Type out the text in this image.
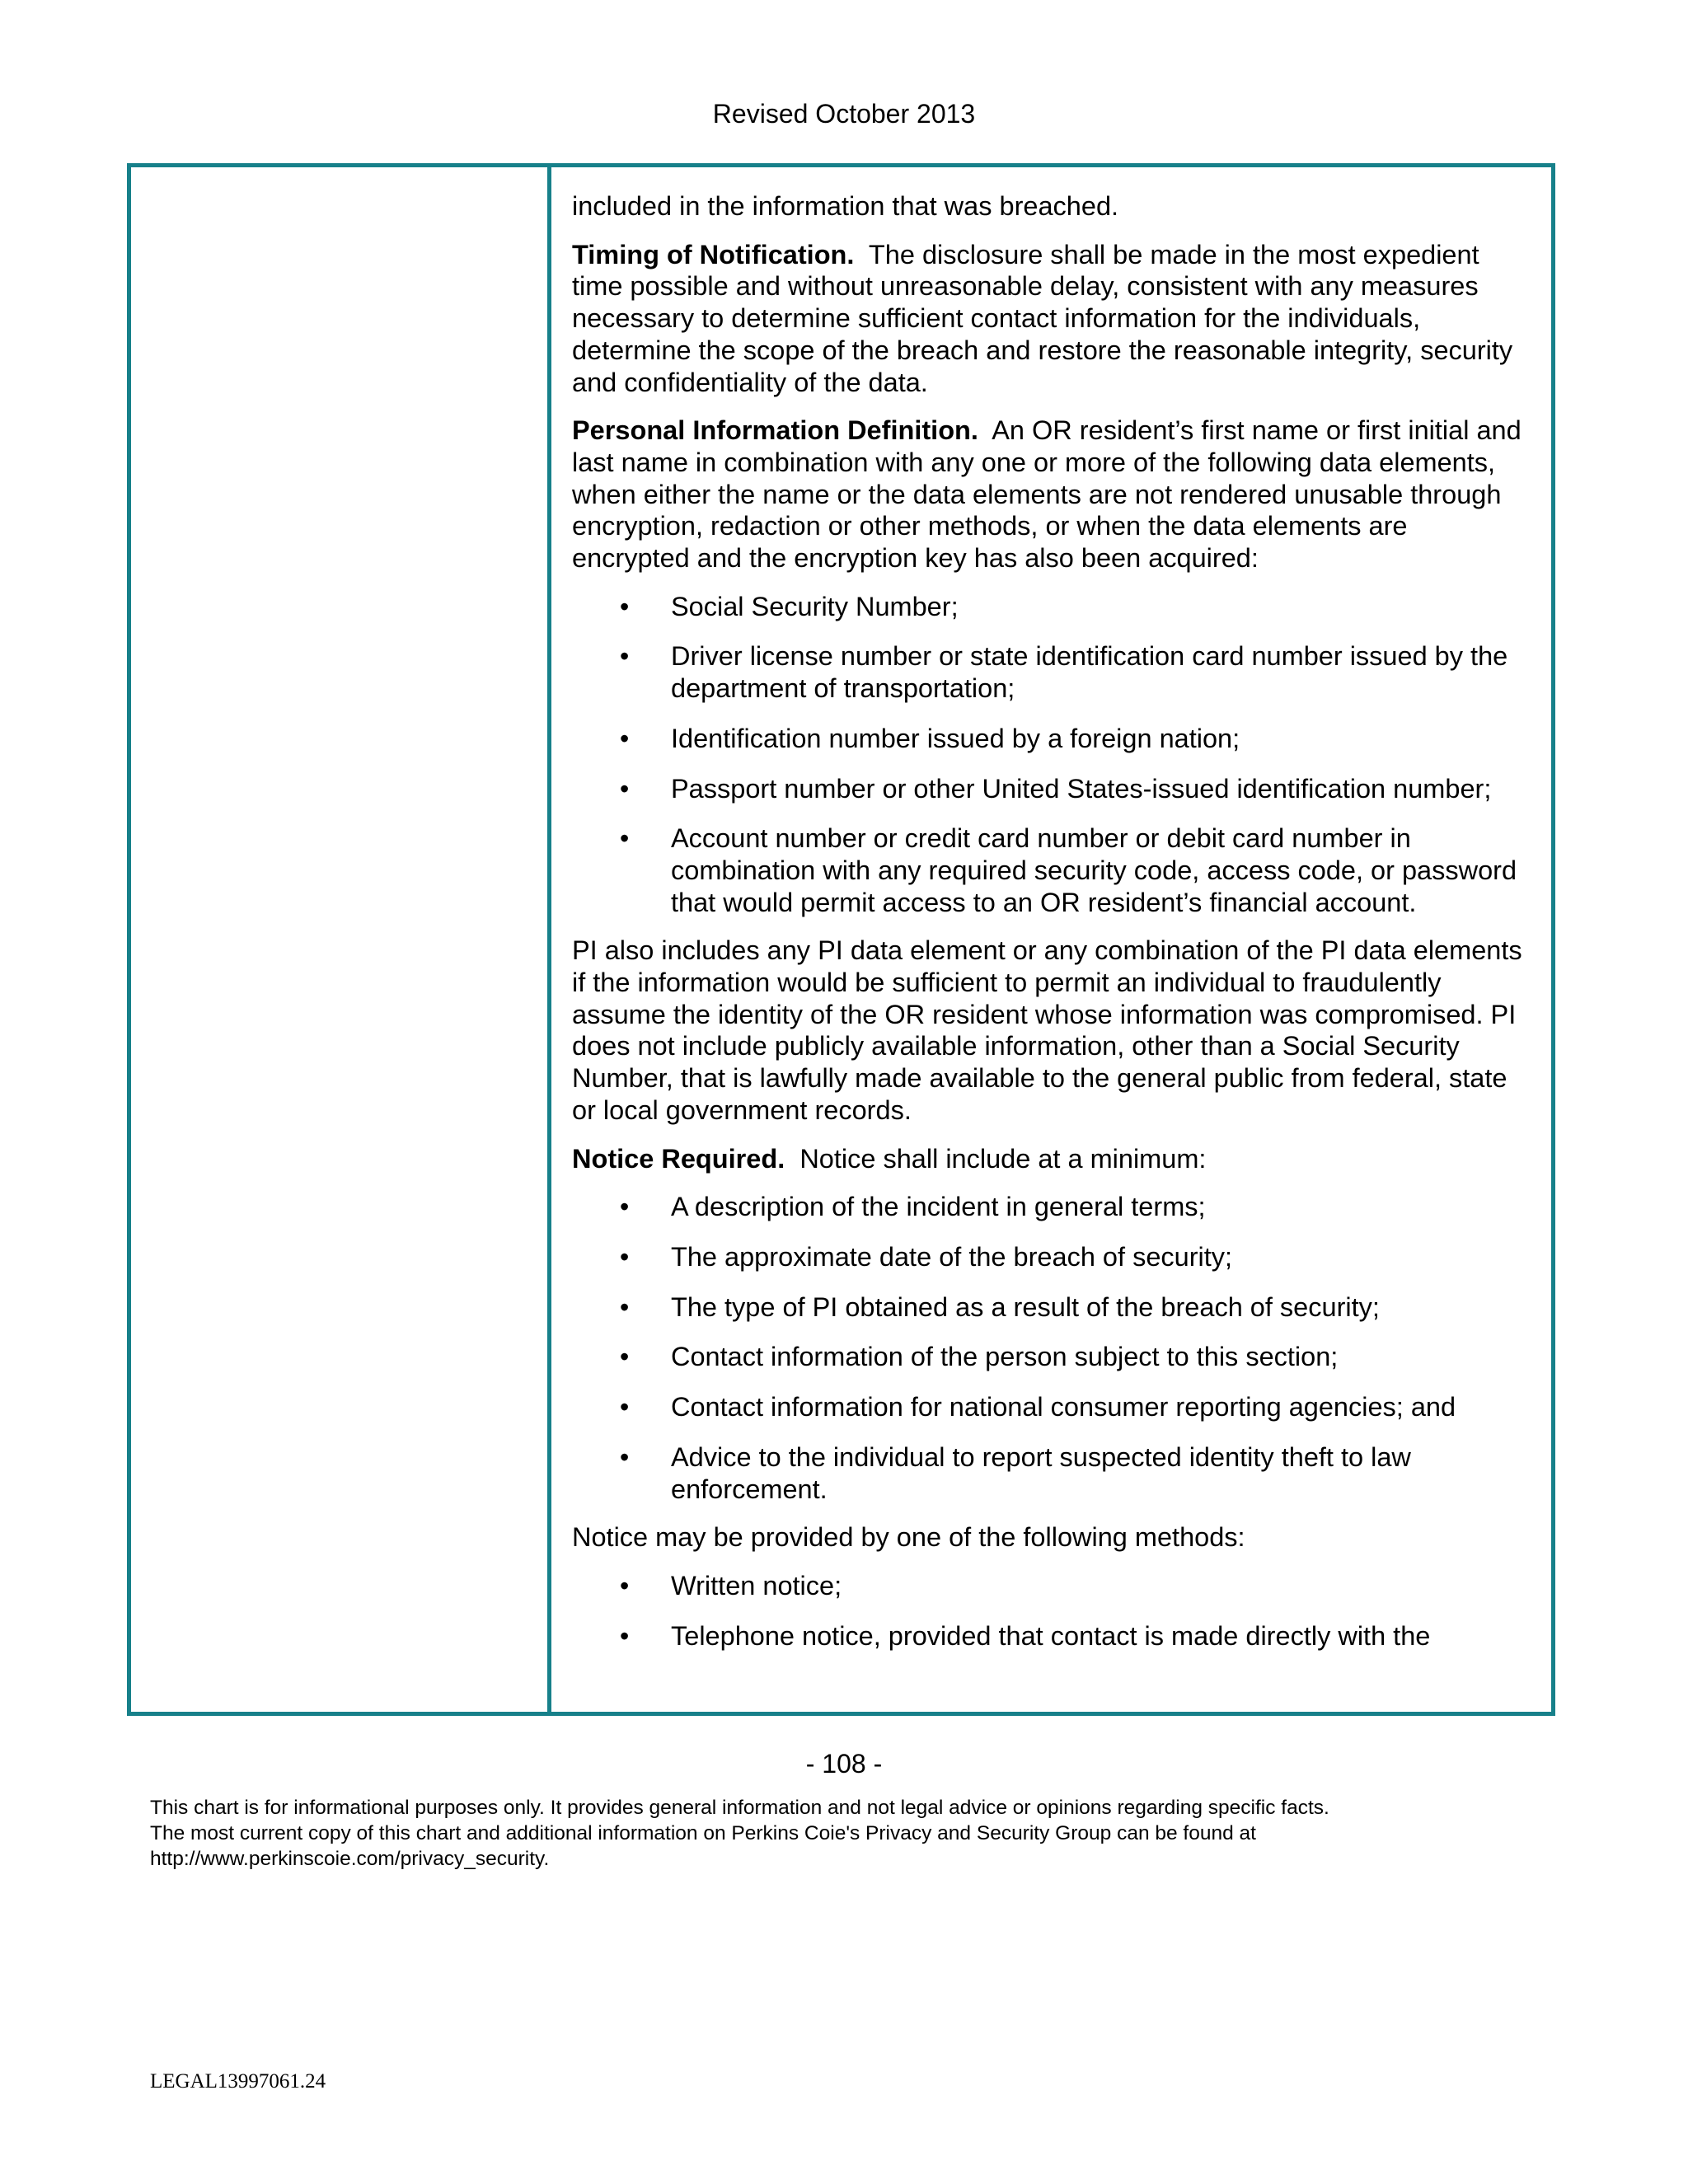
Revised October 2013

included in the information that was breached.

Timing of Notification. The disclosure shall be made in the most expedient time possible and without unreasonable delay, consistent with any measures necessary to determine sufficient contact information for the individuals, determine the scope of the breach and restore the reasonable integrity, security and confidentiality of the data.

Personal Information Definition. An OR resident’s first name or first initial and last name in combination with any one or more of the following data elements, when either the name or the data elements are not rendered unusable through encryption, redaction or other methods, or when the data elements are encrypted and the encryption key has also been acquired:

• Social Security Number;
• Driver license number or state identification card number issued by the department of transportation;
• Identification number issued by a foreign nation;
• Passport number or other United States-issued identification number;
• Account number or credit card number or debit card number in combination with any required security code, access code, or password that would permit access to an OR resident’s financial account.

PI also includes any PI data element or any combination of the PI data elements if the information would be sufficient to permit an individual to fraudulently assume the identity of the OR resident whose information was compromised. PI does not include publicly available information, other than a Social Security Number, that is lawfully made available to the general public from federal, state or local government records.

Notice Required. Notice shall include at a minimum:

• A description of the incident in general terms;
• The approximate date of the breach of security;
• The type of PI obtained as a result of the breach of security;
• Contact information of the person subject to this section;
• Contact information for national consumer reporting agencies; and
• Advice to the individual to report suspected identity theft to law enforcement.

Notice may be provided by one of the following methods:

• Written notice;
• Telephone notice, provided that contact is made directly with the
- 108 -
This chart is for informational purposes only. It provides general information and not legal advice or opinions regarding specific facts.
The most current copy of this chart and additional information on Perkins Coie's Privacy and Security Group can be found at
http://www.perkinscoie.com/privacy_security.
LEGAL13997061.24
